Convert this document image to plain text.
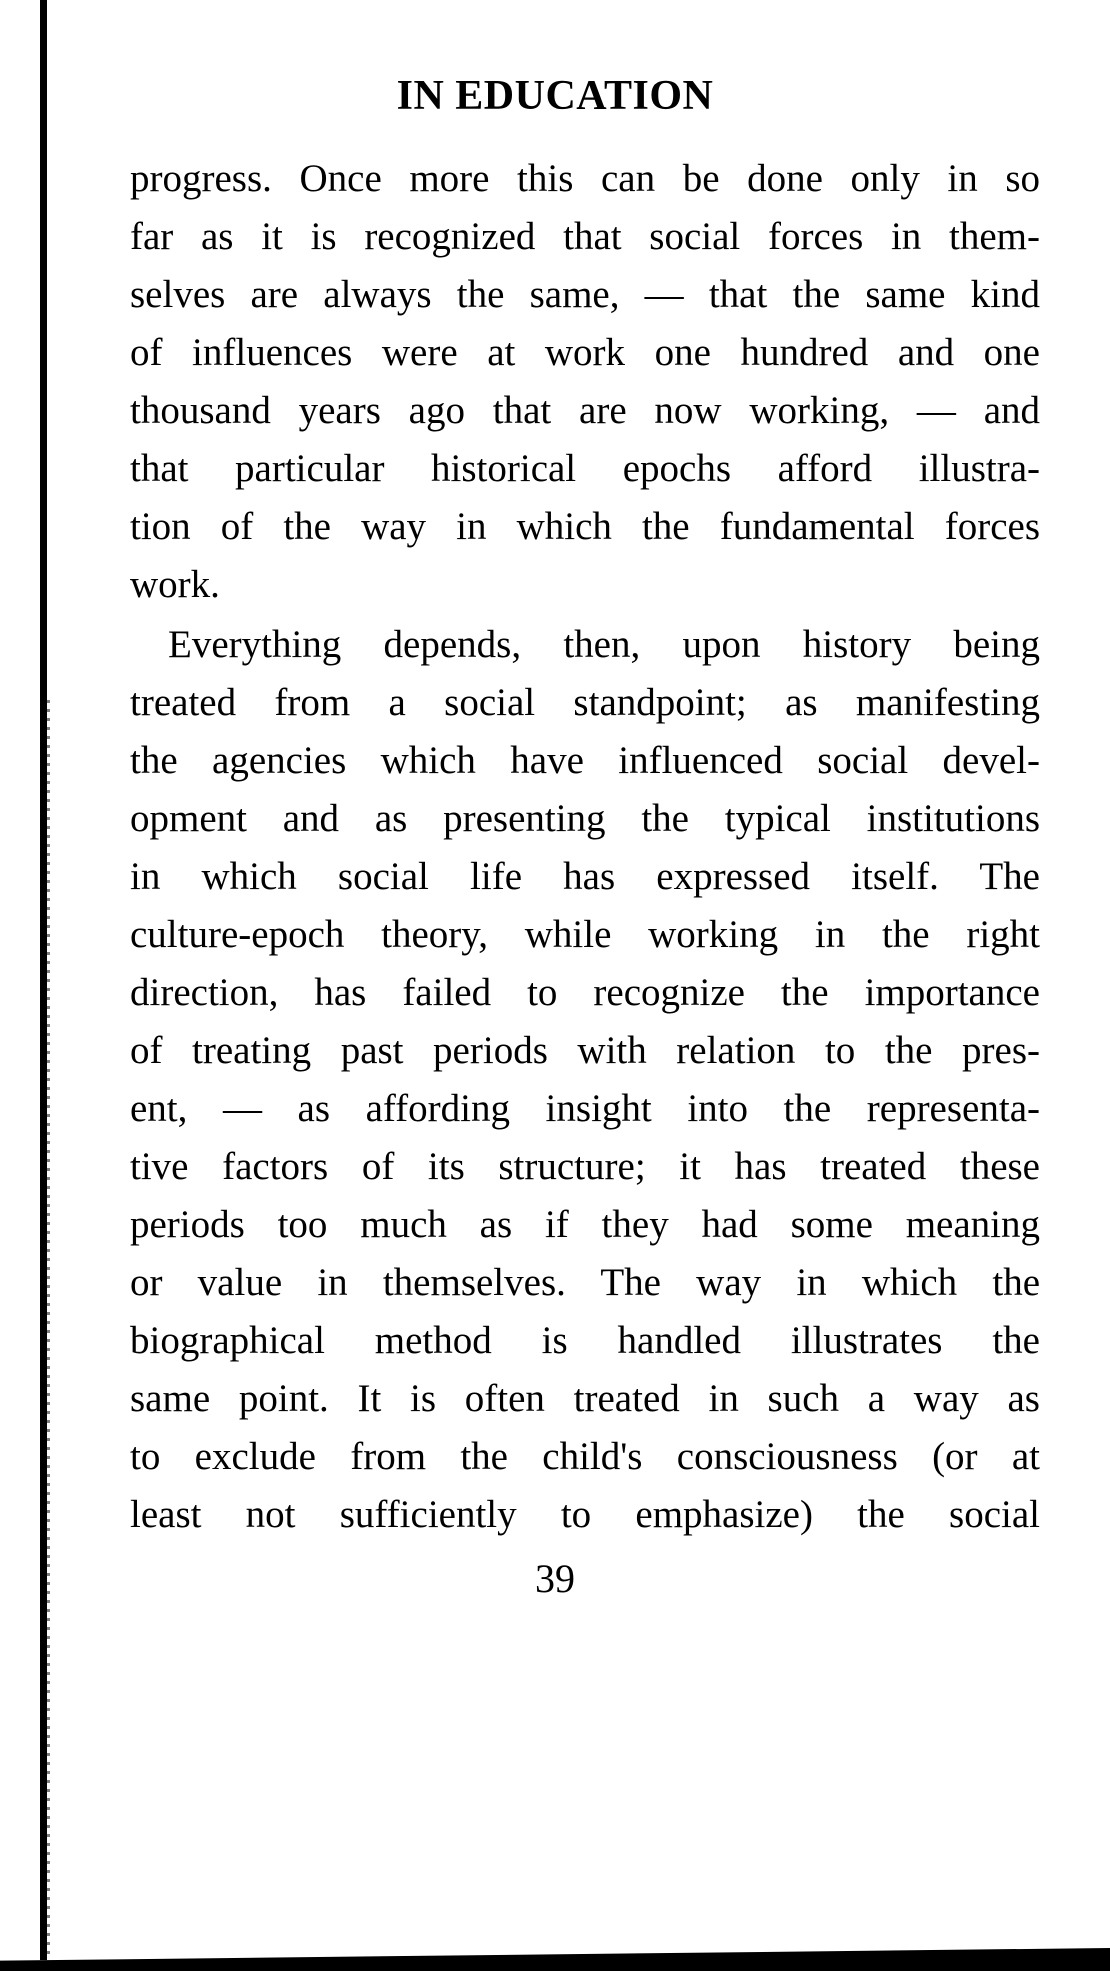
IN EDUCATION
progress. Once more this can be done only in so
far as it is recognized that social forces in them-
selves are always the same, — that the same kind
of influences were at work one hundred and one
thousand years ago that are now working, — and
that particular historical epochs afford illustra-
tion of the way in which the fundamental forces
work.
Everything depends, then, upon history being
treated from a social standpoint; as manifesting
the agencies which have influenced social devel-
opment and as presenting the typical institutions
in which social life has expressed itself. The
culture-epoch theory, while working in the right
direction, has failed to recognize the importance
of treating past periods with relation to the pres-
ent, — as affording insight into the representa-
tive factors of its structure; it has treated these
periods too much as if they had some meaning
or value in themselves. The way in which the
biographical method is handled illustrates the
same point. It is often treated in such a way as
to exclude from the child's consciousness (or at
least not sufficiently to emphasize) the social
39
